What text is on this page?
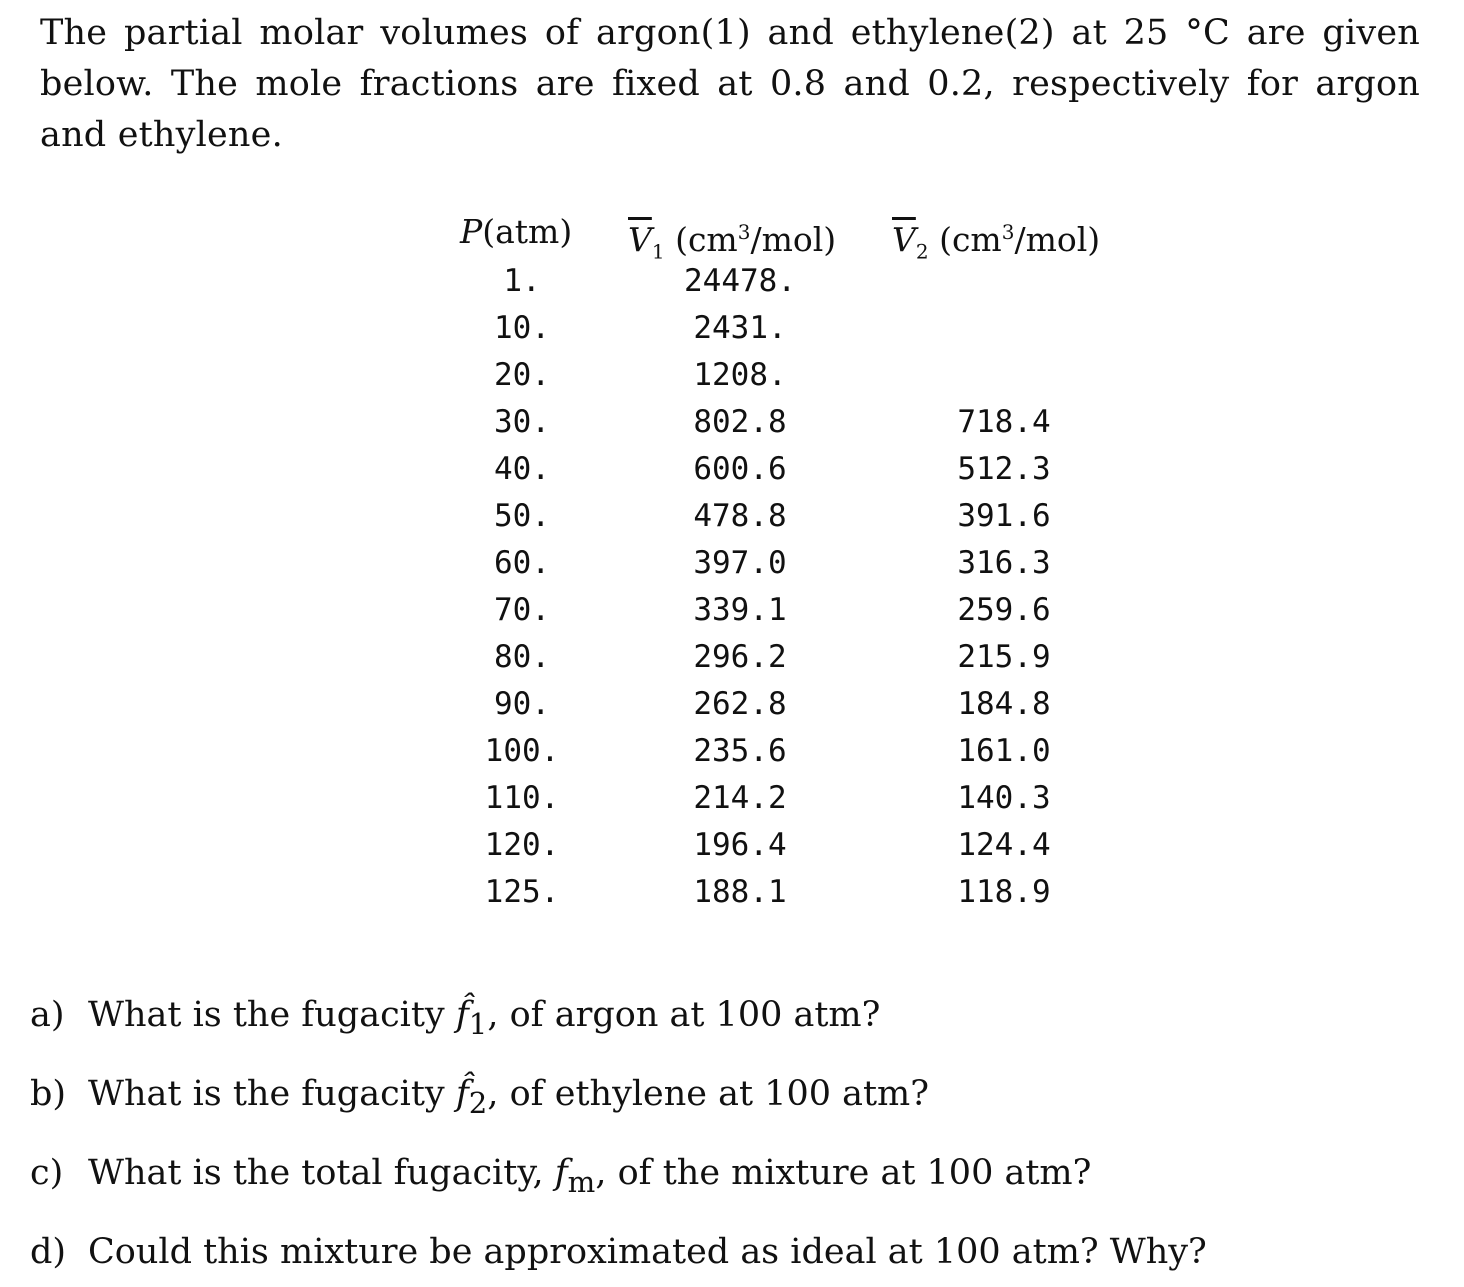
The partial molar volumes of argon(1) and ethylene(2) at 25 °C are given below. The mole fractions are fixed at 0.8 and 0.2, respectively for argon and ethylene.

P(atm) $\overline{V}_1$ $(cm^3/mol)$ $\overline{V}_2$ $(cm^3/mol)$
1.	24478.
10.	2431.
20.	1208.
30.	802.8	718.4
40.	600.6	512.3
50.	478.8	391.6
60.	397.0	316.3
70.	339.1	259.6
80.	296.2	215.9
90.	262.8	184.8
100.	235.6	161.0
110.	214.2	140.3
120.	196.4	124.4
125.	188.1	118.9

a) What is the fugacity $f̂_1$, of argon at 100 atm?

b) What is the fugacity $f̂_2$, of ethylene at 100 atm?

c) What is the total fugacity, $f_m$, of the mixture at 100 atm?

d) Could this mixture be approximated as ideal at 100 atm? Why?
